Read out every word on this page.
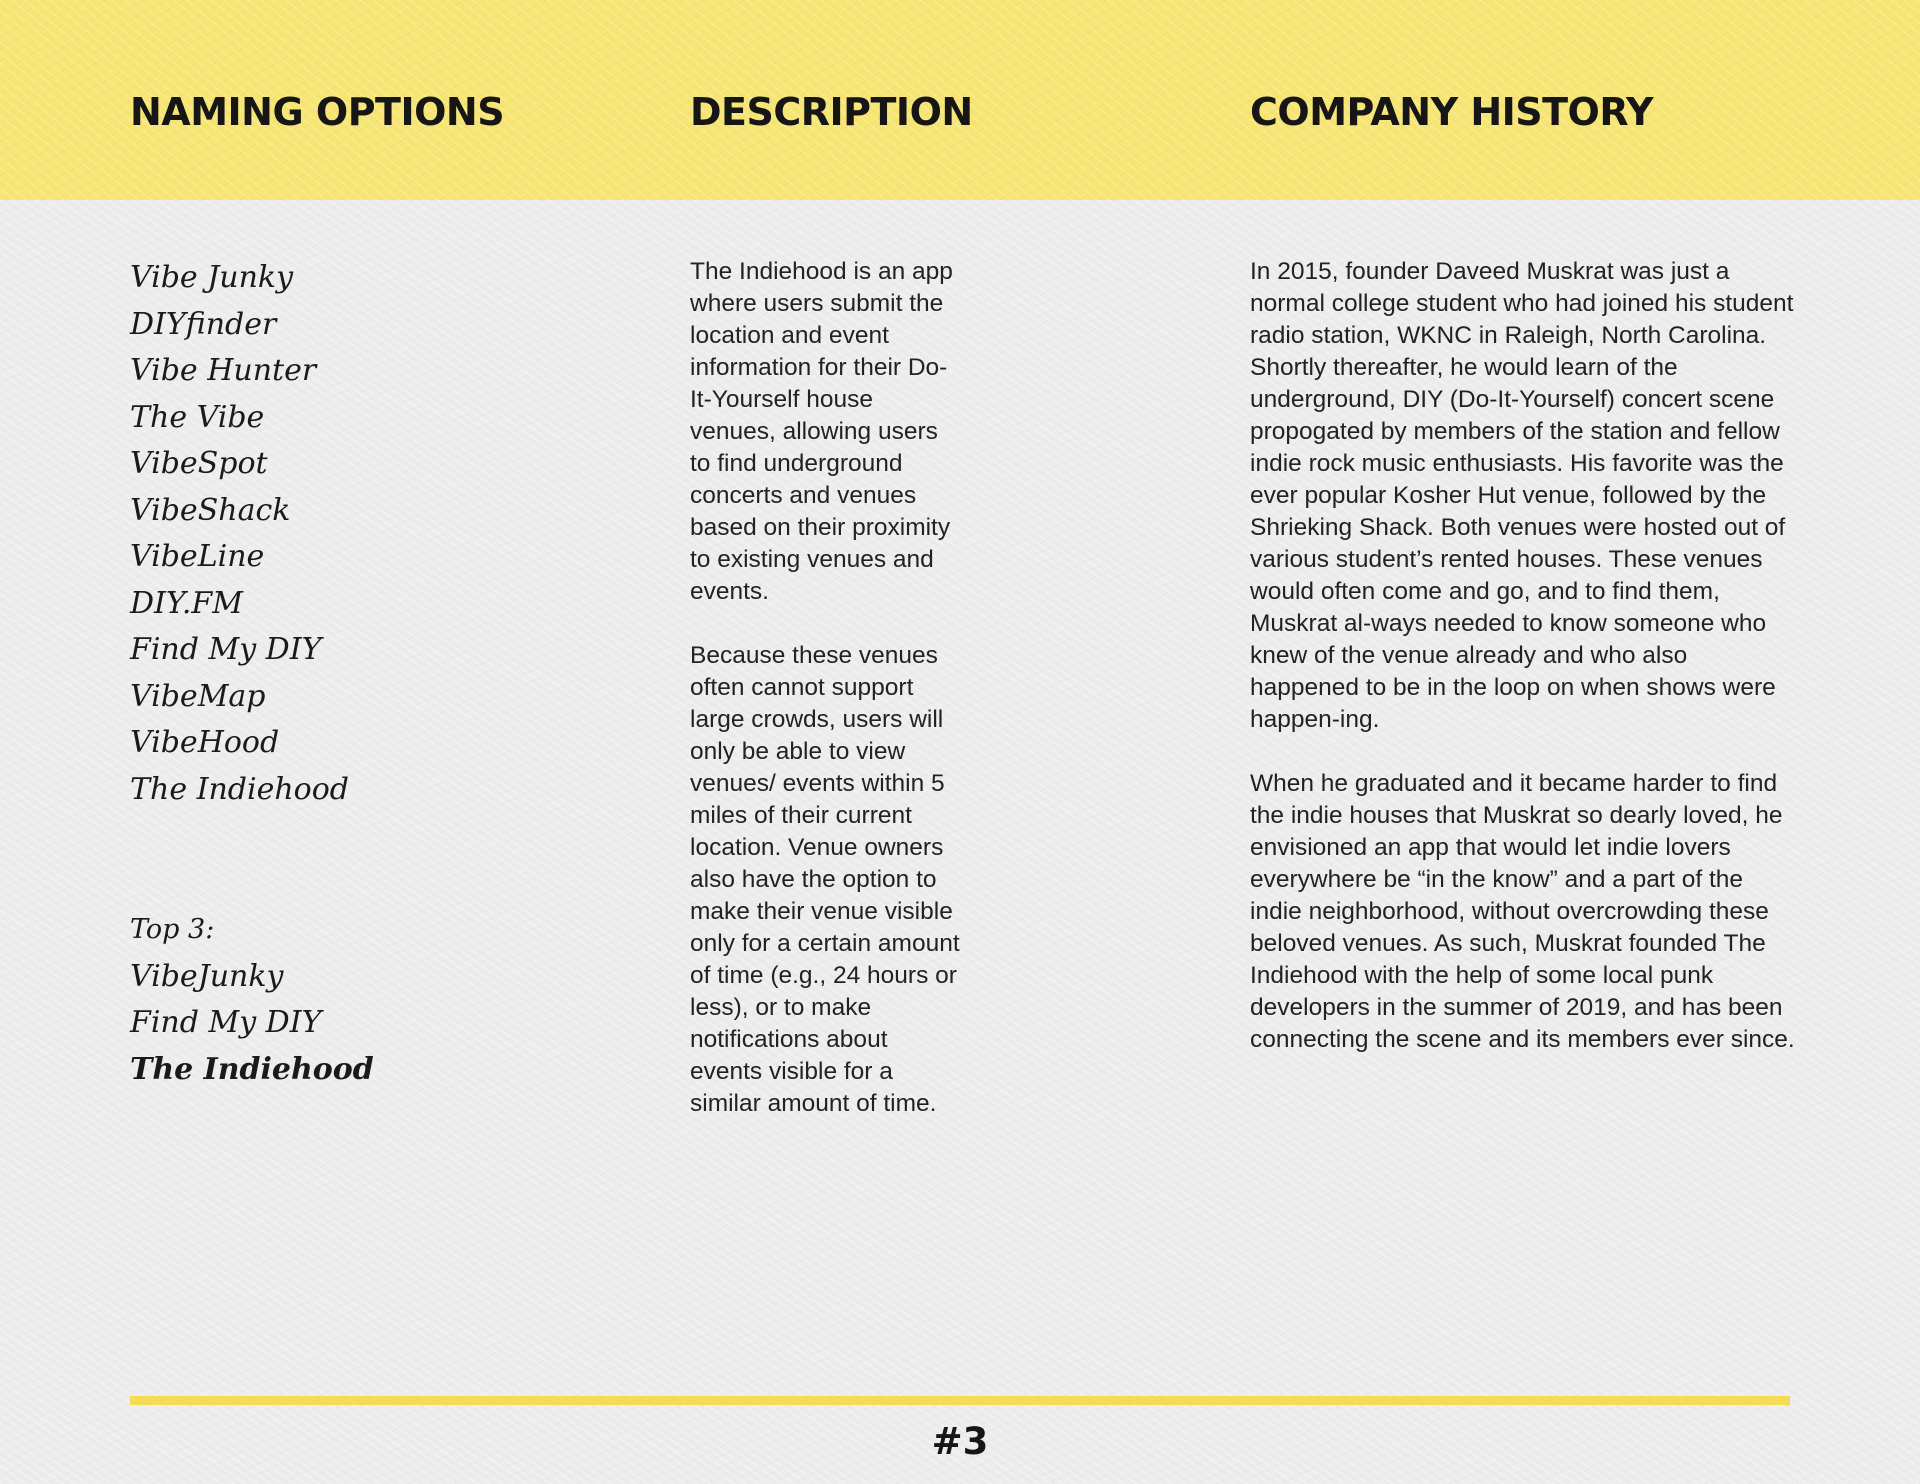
NAMING OPTIONS	DESCRIPTION	COMPANY HISTORY
Vibe Junky
DIYfinder
Vibe Hunter
The Vibe
VibeSpot
VibeShack
VibeLine
DIY.FM
Find My DIY
VibeMap
VibeHood
The Indiehood
Top 3:
VibeJunky
Find My DIY
The Indiehood

The Indiehood is an app where users submit the location and event information for their Do-It-Yourself house venues, allowing users to find underground concerts and venues based on their proximity to existing venues and events.

Because these venues often cannot support large crowds, users will only be able to view venues/ events within 5 miles of their current location. Venue owners also have the option to make their venue visible only for a certain amount of time (e.g., 24 hours or less), or to make notifications about events visible for a similar amount of time.

In 2015, founder Daveed Muskrat was just a normal college student who had joined his student radio station, WKNC in Raleigh, North Carolina. Shortly thereafter, he would learn of the underground, DIY (Do-It-Yourself) concert scene propogated by members of the station and fellow indie rock music enthusiasts. His favorite was the ever popular Kosher Hut venue, followed by the Shrieking Shack. Both venues were hosted out of various student’s rented houses. These venues would often come and go, and to find them, Muskrat al-ways needed to know someone who knew of the venue already and who also happened to be in the loop on when shows were happen-ing.

When he graduated and it became harder to find the indie houses that Muskrat so dearly loved, he envisioned an app that would let indie lovers everywhere be “in the know” and a part of the indie neighborhood, without overcrowding these beloved venues. As such, Muskrat founded The Indiehood with the help of some local punk developers in the summer of 2019, and has been connecting the scene and its members ever since.

#3
